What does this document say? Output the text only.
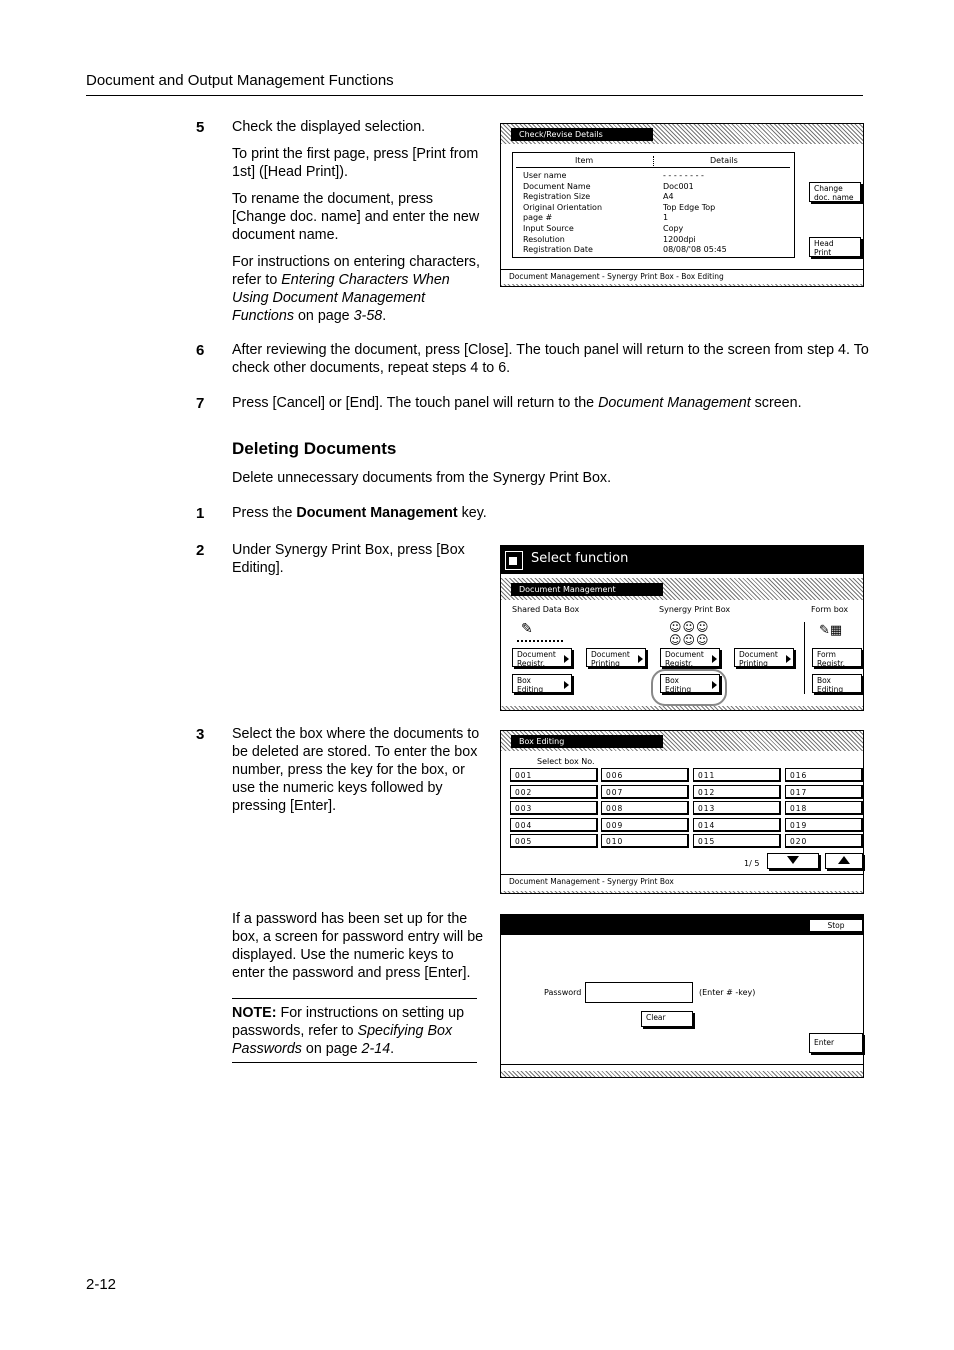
Document and Output Management Functions
5 Check the displayed selection.

To print the first page, press [Print from 1st] ([Head Print]).

To rename the document, press [Change doc. name] and enter the new document name.

For instructions on entering characters, refer to Entering Characters When Using Document Management Functions on page 3-58.

Check/Revise Details
Item	Details
User name	- - - - - - - -
Document Name	Doc001
Registration Size	A4
Original Orientation	Top Edge Top
page #	1
Input Source	Copy
Resolution	1200dpi
Registration Date	08/08/'08 05:45
Change
doc. name
Head
Print
Document Management - Synergy Print Box - Box Editing
6 After reviewing the document, press [Close]. The touch panel will return to the screen from step 4. To check other documents, repeat steps 4 to 6.
7 Press [Cancel] or [End]. The touch panel will return to the Document Management screen.
Deleting Documents
Delete unnecessary documents from the Synergy Print Box.
1 Press the Document Management key.
2 Under Synergy Print Box, press [Box Editing].
Select function
Document Management
Shared Data Box	Synergy Print Box	Form box
✎	☺☺☺
☺☺☺
✎▦
Document
Registr.
Document
Printing
Document
Registr.
Document
Printing
Form
Registr.
Box
Editing
Box
Editing
Box
Editing
3 Select the box where the documents to be deleted are stored. To enter the box number, press the key for the box, or use the numeric keys followed by pressing [Enter].
Box Editing
Select box No.
1/ 5
Document Management - Synergy Print Box
001	006	011	016
002	007	012	017
003	008	013	018
004	009	014	019
005	010	015	020
If a password has been set up for the box, a screen for password entry will be displayed. Use the numeric keys to enter the password and press [Enter].
NOTE: For instructions on setting up passwords, refer to Specifying Box Passwords on page 2-14.
Stop
Password	(Enter # -key)
Clear
Enter
2-12
